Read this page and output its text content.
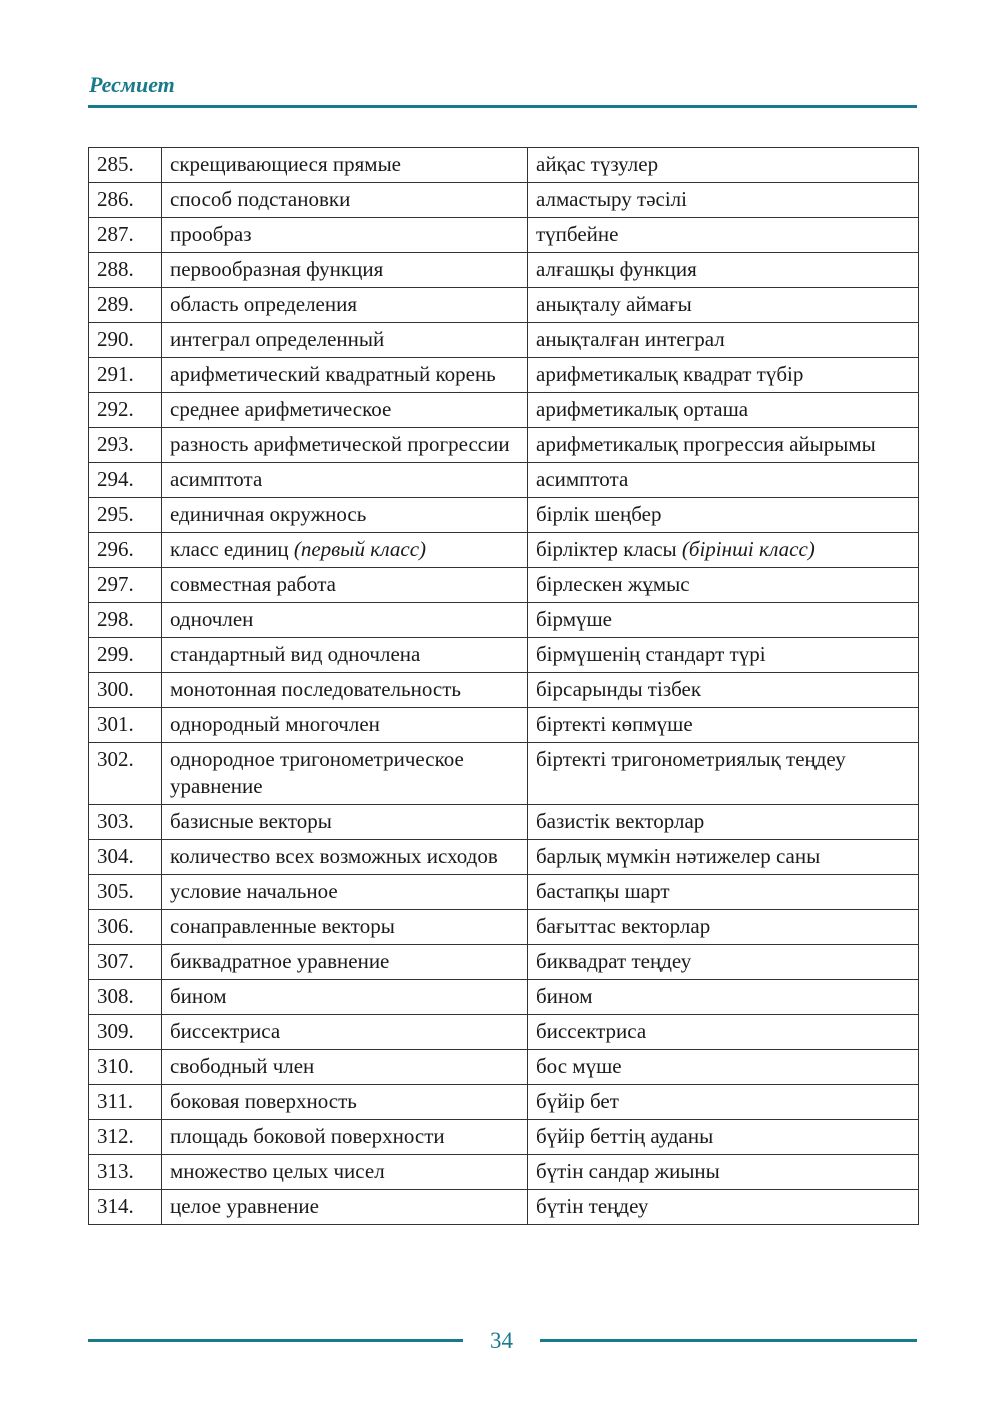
Ресмиет
285.	скрещивающиеся прямые	айқас түзулер
286.	способ подстановки	алмастыру тәсілі
287.	прообраз	түпбейне
288.	первообразная функция	алғашқы функция
289.	область определения	анықталу аймағы
290.	интеграл определенный	анықталған интеграл
291.	арифметический квадратный корень	арифметикалық квадрат түбір
292.	среднее арифметическое	арифметикалық орташа
293.	разность арифметической прогрессии	арифметикалық прогрессия айырымы
294.	асимптота	асимптота
295.	единичная окружнось	бірлік шеңбер
296.	класс единиц (первый класс)	бірліктер класы (бірінші класс)
297.	совместная работа	бірлескен жұмыс
298.	одночлен	бірмүше
299.	стандартный вид одночлена	бірмүшенің стандарт түрі
300.	монотонная последовательность	бірсарынды тізбек
301.	однородный многочлен	біртекті көпмүше
302.	однородное тригонометрическое уравнение	біртекті тригонометриялық теңдеу
303.	базисные векторы	базистік векторлар
304.	количество всех возможных исходов	барлық мүмкін нәтижелер саны
305.	условие начальное	бастапқы шарт
306.	сонаправленные векторы	бағыттас векторлар
307.	биквадратное уравнение	биквадрат теңдеу
308.	бином	бином
309.	биссектриса	биссектриса
310.	свободный член	бос мүше
311.	боковая поверхность	бүйір бет
312.	площадь боковой поверхности	бүйір беттің ауданы
313.	множество целых чисел	бүтін сандар жиыны
314.	целое уравнение	бүтін теңдеу
34
